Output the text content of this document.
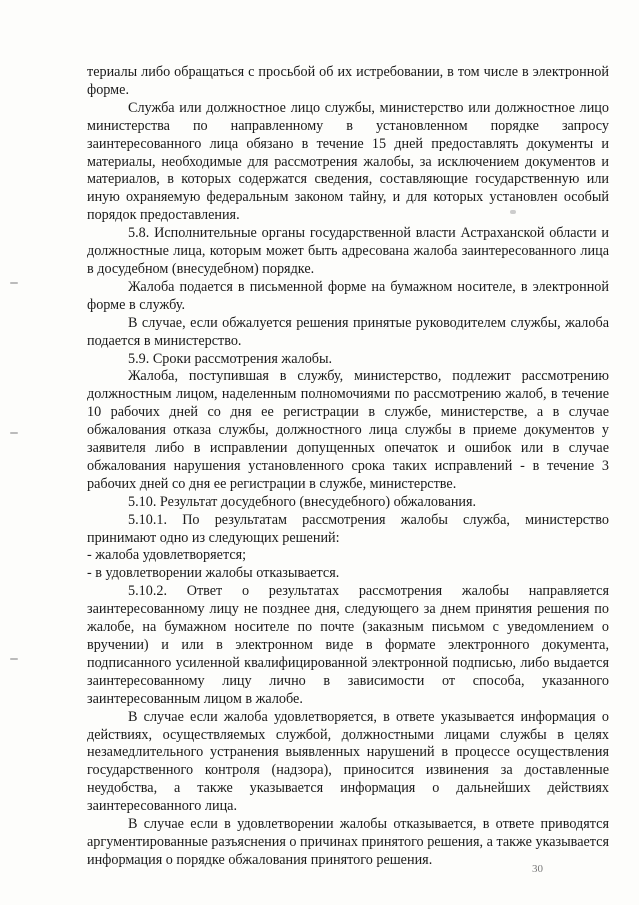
териалы либо обращаться с просьбой об их истребовании, в том числе в электронной форме.

Служба или должностное лицо службы, министерство или должностное лицо министерства по направленному в установленном порядке запросу заинтересованного лица обязано в течение 15 дней предоставлять документы и материалы, необходимые для рассмотрения жалобы, за исключением документов и материалов, в которых содержатся сведения, составляющие государственную или иную охраняемую федеральным законом тайну, и для которых установлен особый порядок предоставления.

5.8. Исполнительные органы государственной власти Астраханской области и должностные лица, которым может быть адресована жалоба заинтересованного лица в досудебном (внесудебном) порядке.

Жалоба подается в письменной форме на бумажном носителе, в электронной форме в службу.

В случае, если обжалуется решения принятые руководителем службы, жалоба подается в министерство.

5.9. Сроки рассмотрения жалобы.

Жалоба, поступившая в службу, министерство, подлежит рассмотрению должностным лицом, наделенным полномочиями по рассмотрению жалоб, в течение 10 рабочих дней со дня ее регистрации в службе, министерстве, а в случае обжалования отказа службы, должностного лица службы в приеме документов у заявителя либо в исправлении допущенных опечаток и ошибок или в случае обжалования нарушения установленного срока таких исправлений - в течение 3 рабочих дней со дня ее регистрации в службе, министерстве.

5.10. Результат досудебного (внесудебного) обжалования.

5.10.1. По результатам рассмотрения жалобы служба, министерство принимают одно из следующих решений:

- жалоба удовлетворяется;

- в удовлетворении жалобы отказывается.

5.10.2. Ответ о результатах рассмотрения жалобы направляется заинтересованному лицу не позднее дня, следующего за днем принятия решения по жалобе, на бумажном носителе по почте (заказным письмом с уведомлением о вручении) и или в электронном виде в формате электронного документа, подписанного усиленной квалифицированной электронной подписью, либо выдается заинтересованному лицу лично в зависимости от способа, указанного заинтересованным лицом в жалобе.

В случае если жалоба удовлетворяется, в ответе указывается информация о действиях, осуществляемых службой, должностными лицами службы в целях незамедлительного устранения выявленных нарушений в процессе осуществления государственного контроля (надзора), приносится извинения за доставленные неудобства, а также указывается информация о дальнейших действиях заинтересованного лица.

В случае если в удовлетворении жалобы отказывается, в ответе приводятся аргументированные разъяснения о причинах принятого решения, а также указывается информация о порядке обжалования принятого решения.

30
